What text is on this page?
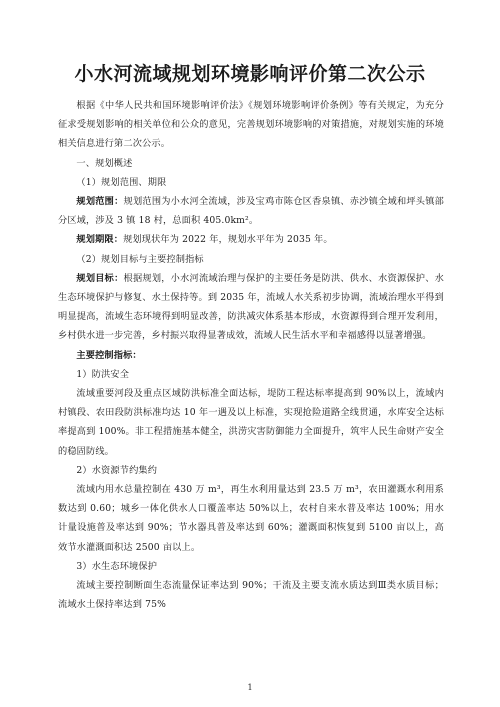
小水河流域规划环境影响评价第二次公示

根据《中华人民共和国环境影响评价法》《规划环境影响评价条例》等有关规定，为充分征求受规划影响的相关单位和公众的意见，完善规划环境影响的对策措施，对规划实施的环境相关信息进行第二次公示。

一、规划概述

（1）规划范围、期限

规划范围：规划范围为小水河全流域，涉及宝鸡市陈仓区香泉镇、赤沙镇全域和坪头镇部分区域，涉及 3 镇 18 村，总面积 405.0km²。

规划期限：规划现状年为 2022 年，规划水平年为 2035 年。

（2）规划目标与主要控制指标

规划目标：根据规划，小水河流域治理与保护的主要任务是防洪、供水、水资源保护、水生态环境保护与修复、水土保持等。到 2035 年，流域人水关系初步协调，流域治理水平得到明显提高，流域生态环境得到明显改善，防洪减灾体系基本形成，水资源得到合理开发利用，乡村供水进一步完善，乡村振兴取得显著成效，流域人民生活水平和幸福感得以显著增强。

主要控制指标：

1）防洪安全

流域重要河段及重点区域防洪标准全面达标，堤防工程达标率提高到 90%以上，流域内村镇段、农田段防洪标准均达 10 年一遇及以上标准，实现抢险道路全线贯通，水库安全达标率提高到 100%。非工程措施基本健全，洪涝灾害防御能力全面提升，筑牢人民生命财产安全的稳固防线。

2）水资源节约集约

流域内用水总量控制在 430 万 m³，再生水利用量达到 23.5 万 m³，农田灌溉水利用系数达到 0.60；城乡一体化供水人口覆盖率达 50%以上，农村自来水普及率达 100%；用水计量设施普及率达到 90%；节水器具普及率达到 60%；灌溉面积恢复到 5100 亩以上，高效节水灌溉面积达 2500 亩以上。

3）水生态环境保护

流域主要控制断面生态流量保证率达到 90%；干流及主要支流水质达到Ⅲ类水质目标；流域水土保持率达到 75%

1
